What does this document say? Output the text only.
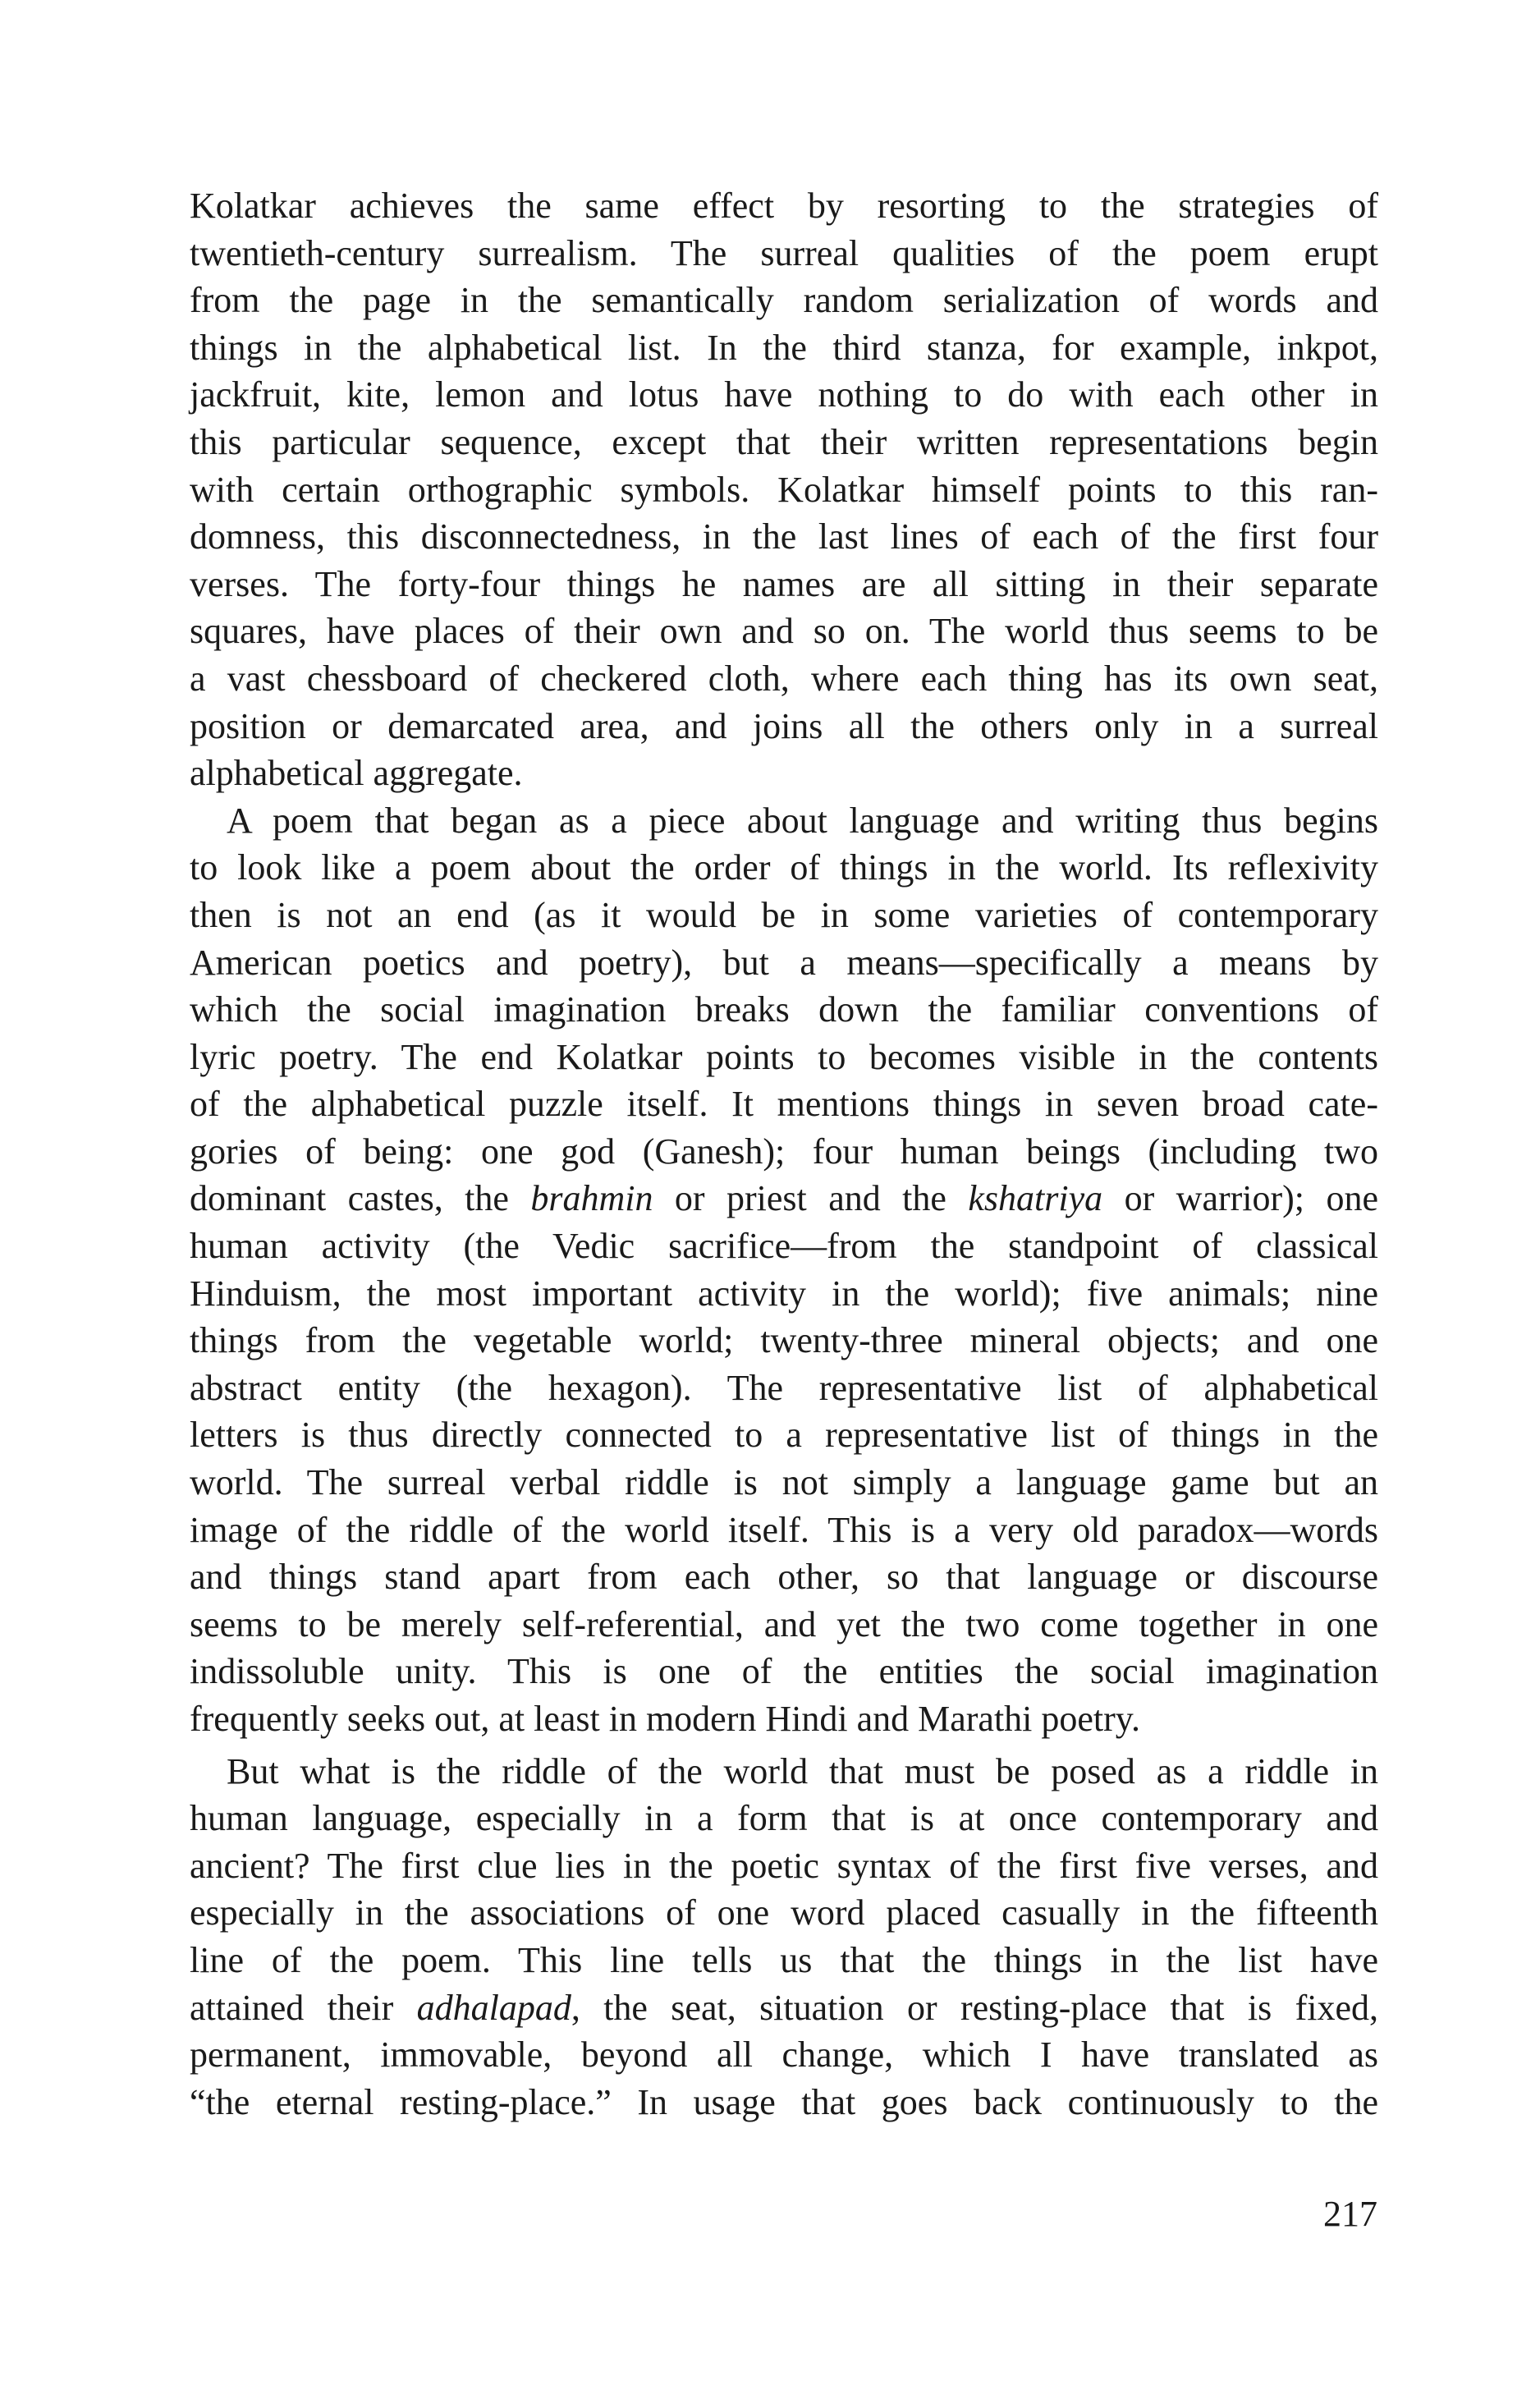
Kolatkar achieves the same effect by resorting to the strategies of
twentieth-century surrealism. The surreal qualities of the poem erupt
from the page in the semantically random serialization of words and
things in the alphabetical list. In the third stanza, for example, inkpot,
jackfruit, kite, lemon and lotus have nothing to do with each other in
this particular sequence, except that their written representations begin
with certain orthographic symbols. Kolatkar himself points to this ran-
domness, this disconnectedness, in the last lines of each of the first four
verses. The forty-four things he names are all sitting in their separate
squares, have places of their own and so on. The world thus seems to be
a vast chessboard of checkered cloth, where each thing has its own seat,
position or demarcated area, and joins all the others only in a surreal
alphabetical aggregate.
A poem that began as a piece about language and writing thus begins
to look like a poem about the order of things in the world. Its reflexivity
then is not an end (as it would be in some varieties of contemporary
American poetics and poetry), but a means—specifically a means by
which the social imagination breaks down the familiar conventions of
lyric poetry. The end Kolatkar points to becomes visible in the contents
of the alphabetical puzzle itself. It mentions things in seven broad cate-
gories of being: one god (Ganesh); four human beings (including two
dominant castes, the brahmin or priest and the kshatriya or warrior); one
human activity (the Vedic sacrifice—from the standpoint of classical
Hinduism, the most important activity in the world); five animals; nine
things from the vegetable world; twenty-three mineral objects; and one
abstract entity (the hexagon). The representative list of alphabetical
letters is thus directly connected to a representative list of things in the
world. The surreal verbal riddle is not simply a language game but an
image of the riddle of the world itself. This is a very old paradox—words
and things stand apart from each other, so that language or discourse
seems to be merely self-referential, and yet the two come together in one
indissoluble unity. This is one of the entities the social imagination
frequently seeks out, at least in modern Hindi and Marathi poetry.
But what is the riddle of the world that must be posed as a riddle in
human language, especially in a form that is at once contemporary and
ancient? The first clue lies in the poetic syntax of the first five verses, and
especially in the associations of one word placed casually in the fifteenth
line of the poem. This line tells us that the things in the list have
attained their adhalapad, the seat, situation or resting-place that is fixed,
permanent, immovable, beyond all change, which I have translated as
“the eternal resting-place.” In usage that goes back continuously to the
217
